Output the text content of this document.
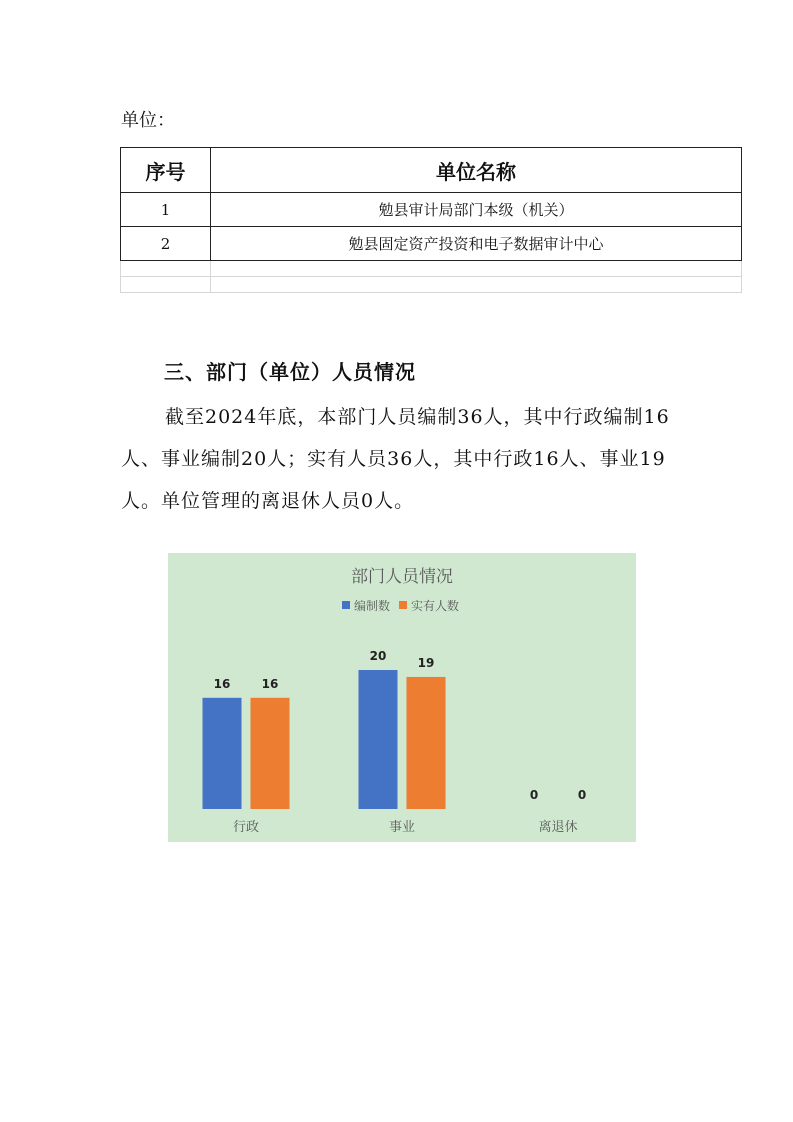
单位：
序号	单位名称
1	勉县审计局部门本级（机关）
2	勉县固定资产投资和电子数据审计中心

三、部门（单位）人员情况
截至2024年底，本部门人员编制36人，其中行政编制16人、事业编制20人；实有人员36人，其中行政16人、事业19人。单位管理的离退休人员0人。
部门人员情况
编制数 实有人数
16	16
行政
20	19
事业
0	0
离退休
